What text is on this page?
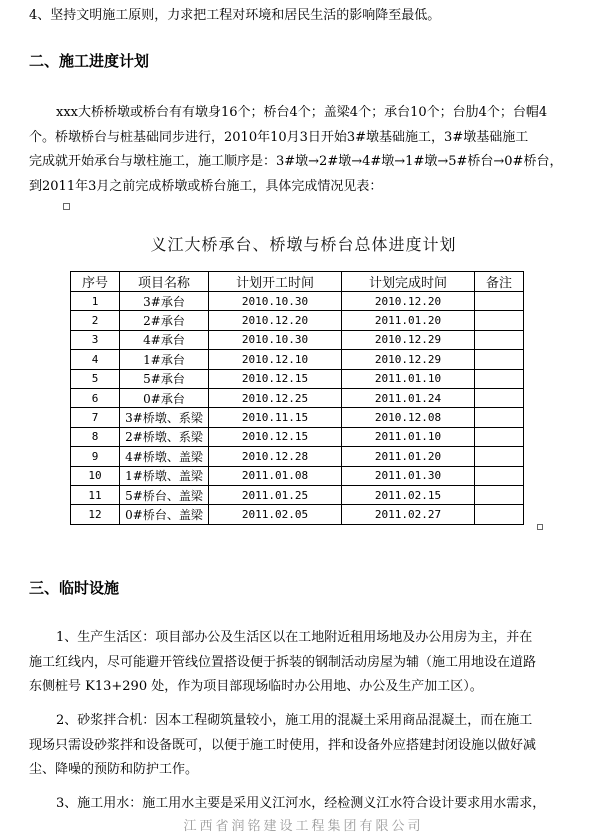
4、坚持文明施工原则，力求把工程对环境和居民生活的影响降至最低。
二、施工进度计划
xxx大桥桥墩或桥台有有墩身16个；桥台4个；盖梁4个；承台10个；台肋4个；台帽4
个。桥墩桥台与桩基础同步进行，2010年10月3日开始3#墩基础施工，3#墩基础施工
完成就开始承台与墩柱施工，施工顺序是：3#墩→2#墩→4#墩→1#墩→5#桥台→0#桥台，
到2011年3月之前完成桥墩或桥台施工，具体完成情况见表：
义江大桥承台、桥墩与桥台总体进度计划
序号	项目名称	计划开工时间	计划完成时间	备注
1	3#承台	2010.10.30	2010.12.20	
2	2#承台	2010.12.20	2011.01.20	
3	4#承台	2010.10.30	2010.12.29	
4	1#承台	2010.12.10	2010.12.29	
5	5#承台	2010.12.15	2011.01.10	
6	0#承台	2010.12.25	2011.01.24	
7	3#桥墩、系梁	2010.11.15	2010.12.08	
8	2#桥墩、系梁	2010.12.15	2011.01.10	
9	4#桥墩、盖梁	2010.12.28	2011.01.20	
10	1#桥墩、盖梁	2011.01.08	2011.01.30	
11	5#桥台、盖梁	2011.01.25	2011.02.15	
12	0#桥台、盖梁	2011.02.05	2011.02.27	
三、临时设施
1、生产生活区：项目部办公及生活区以在工地附近租用场地及办公用房为主，并在
施工红线内，尽可能避开管线位置搭设便于拆装的钢制活动房屋为辅（施工用地设在道路
东侧桩号 K13+290 处，作为项目部现场临时办公用地、办公及生产加工区）。
2、砂浆拌合机：因本工程砌筑量较小，施工用的混凝土采用商品混凝土，而在施工
现场只需设砂浆拌和设备既可，以便于施工时使用，拌和设备外应搭建封闭设施以做好减
尘、降噪的预防和防护工作。
3、施工用水：施工用水主要是采用义江河水，经检测义江水符合设计要求用水需求，
江西省润铭建设工程集团有限公司
